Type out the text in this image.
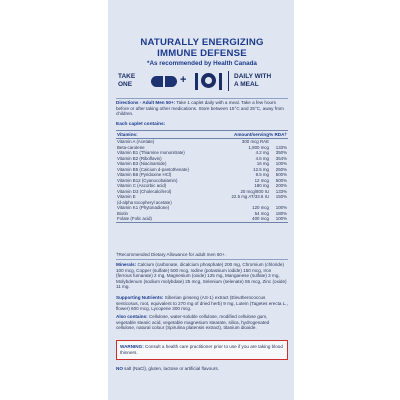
NATURALLY ENERGIZING
IMMUNE DEFENSE
*As recommended by Health Canada
TAKE
ONE	+	DAILY WITH
A MEAL
Directions - Adult Men 50+: Take 1 caplet daily with a meal. Take a few hours before or after taking other medications. Store between 15°C and 25°C, away from children.
Each caplet contains:
Vitamins:	Amount/serving % RDA†
Vitamin A (Acetate)	300 mcg RAE
Beta-carotene	1,800 mcg	133%
Vitamin B1 (Thiamine mononitrate)	4.2 mg	350%
Vitamin B2 (Riboflavin)	4.6 mg	354%
Vitamin B3 (Niacinamide)	16 mg	100%
Vitamin B5 (Calcium d-pantothenate)	12.5 mg	250%
Vitamin B6 (Pyridoxine HCl)	8.5 mg	500%
Vitamin B12 (Cyanocobalamin)	12 mcg	500%
Vitamin C (Ascorbic acid)	180 mg	200%
Vitamin D3 (Cholecalciferol)	20 mcg/800 IU	133%
Vitamin E	22.5 mg AT/33.6 IU	150%
(d-alpha tocopheryl acetate)
Vitamin K1 (Phytonadione)	120 mcg	100%
Biotin	54 mcg	180%
Folate (Folic acid)	400 mcg	100%
†Recommended Dietary Allowance for adult men 50+.
Minerals: Calcium (carbonate, dicalcium phosphate) 200 mg, Chromium (chloride) 100 mcg, Copper (sulfate) 500 mcg, Iodine (potassium iodide) 150 mcg, Iron (ferrous fumarate) 2 mg, Magnesium (oxide) 125 mg, Manganese (sulfate) 3 mg, Molybdenum (sodium molybdate) 25 mcg, Selenium (selenate) 55 mcg, Zinc (oxide) 11 mg.
Supporting Nutrients: Siberian ginseng (AS-1) extract (Eleutherococcus senticosus, root, equivalent to 270 mg of dried herb) 9 mg, Lutein (Tagetes erecta L., flower) 600 mcg, Lycopene 300 mcg.
Also contains: Cellulose, water-soluble cellulose, modified cellulose gum, vegetable stearic acid, vegetable magnesium stearate, silica, hydrogenated cellulose, natural colour (Spirulina platensis extract), titanium dioxide.
WARNING: Consult a health care practitioner prior to use if you are taking blood thinners.
NO salt (NaCl), gluten, lactose or artificial flavours.
